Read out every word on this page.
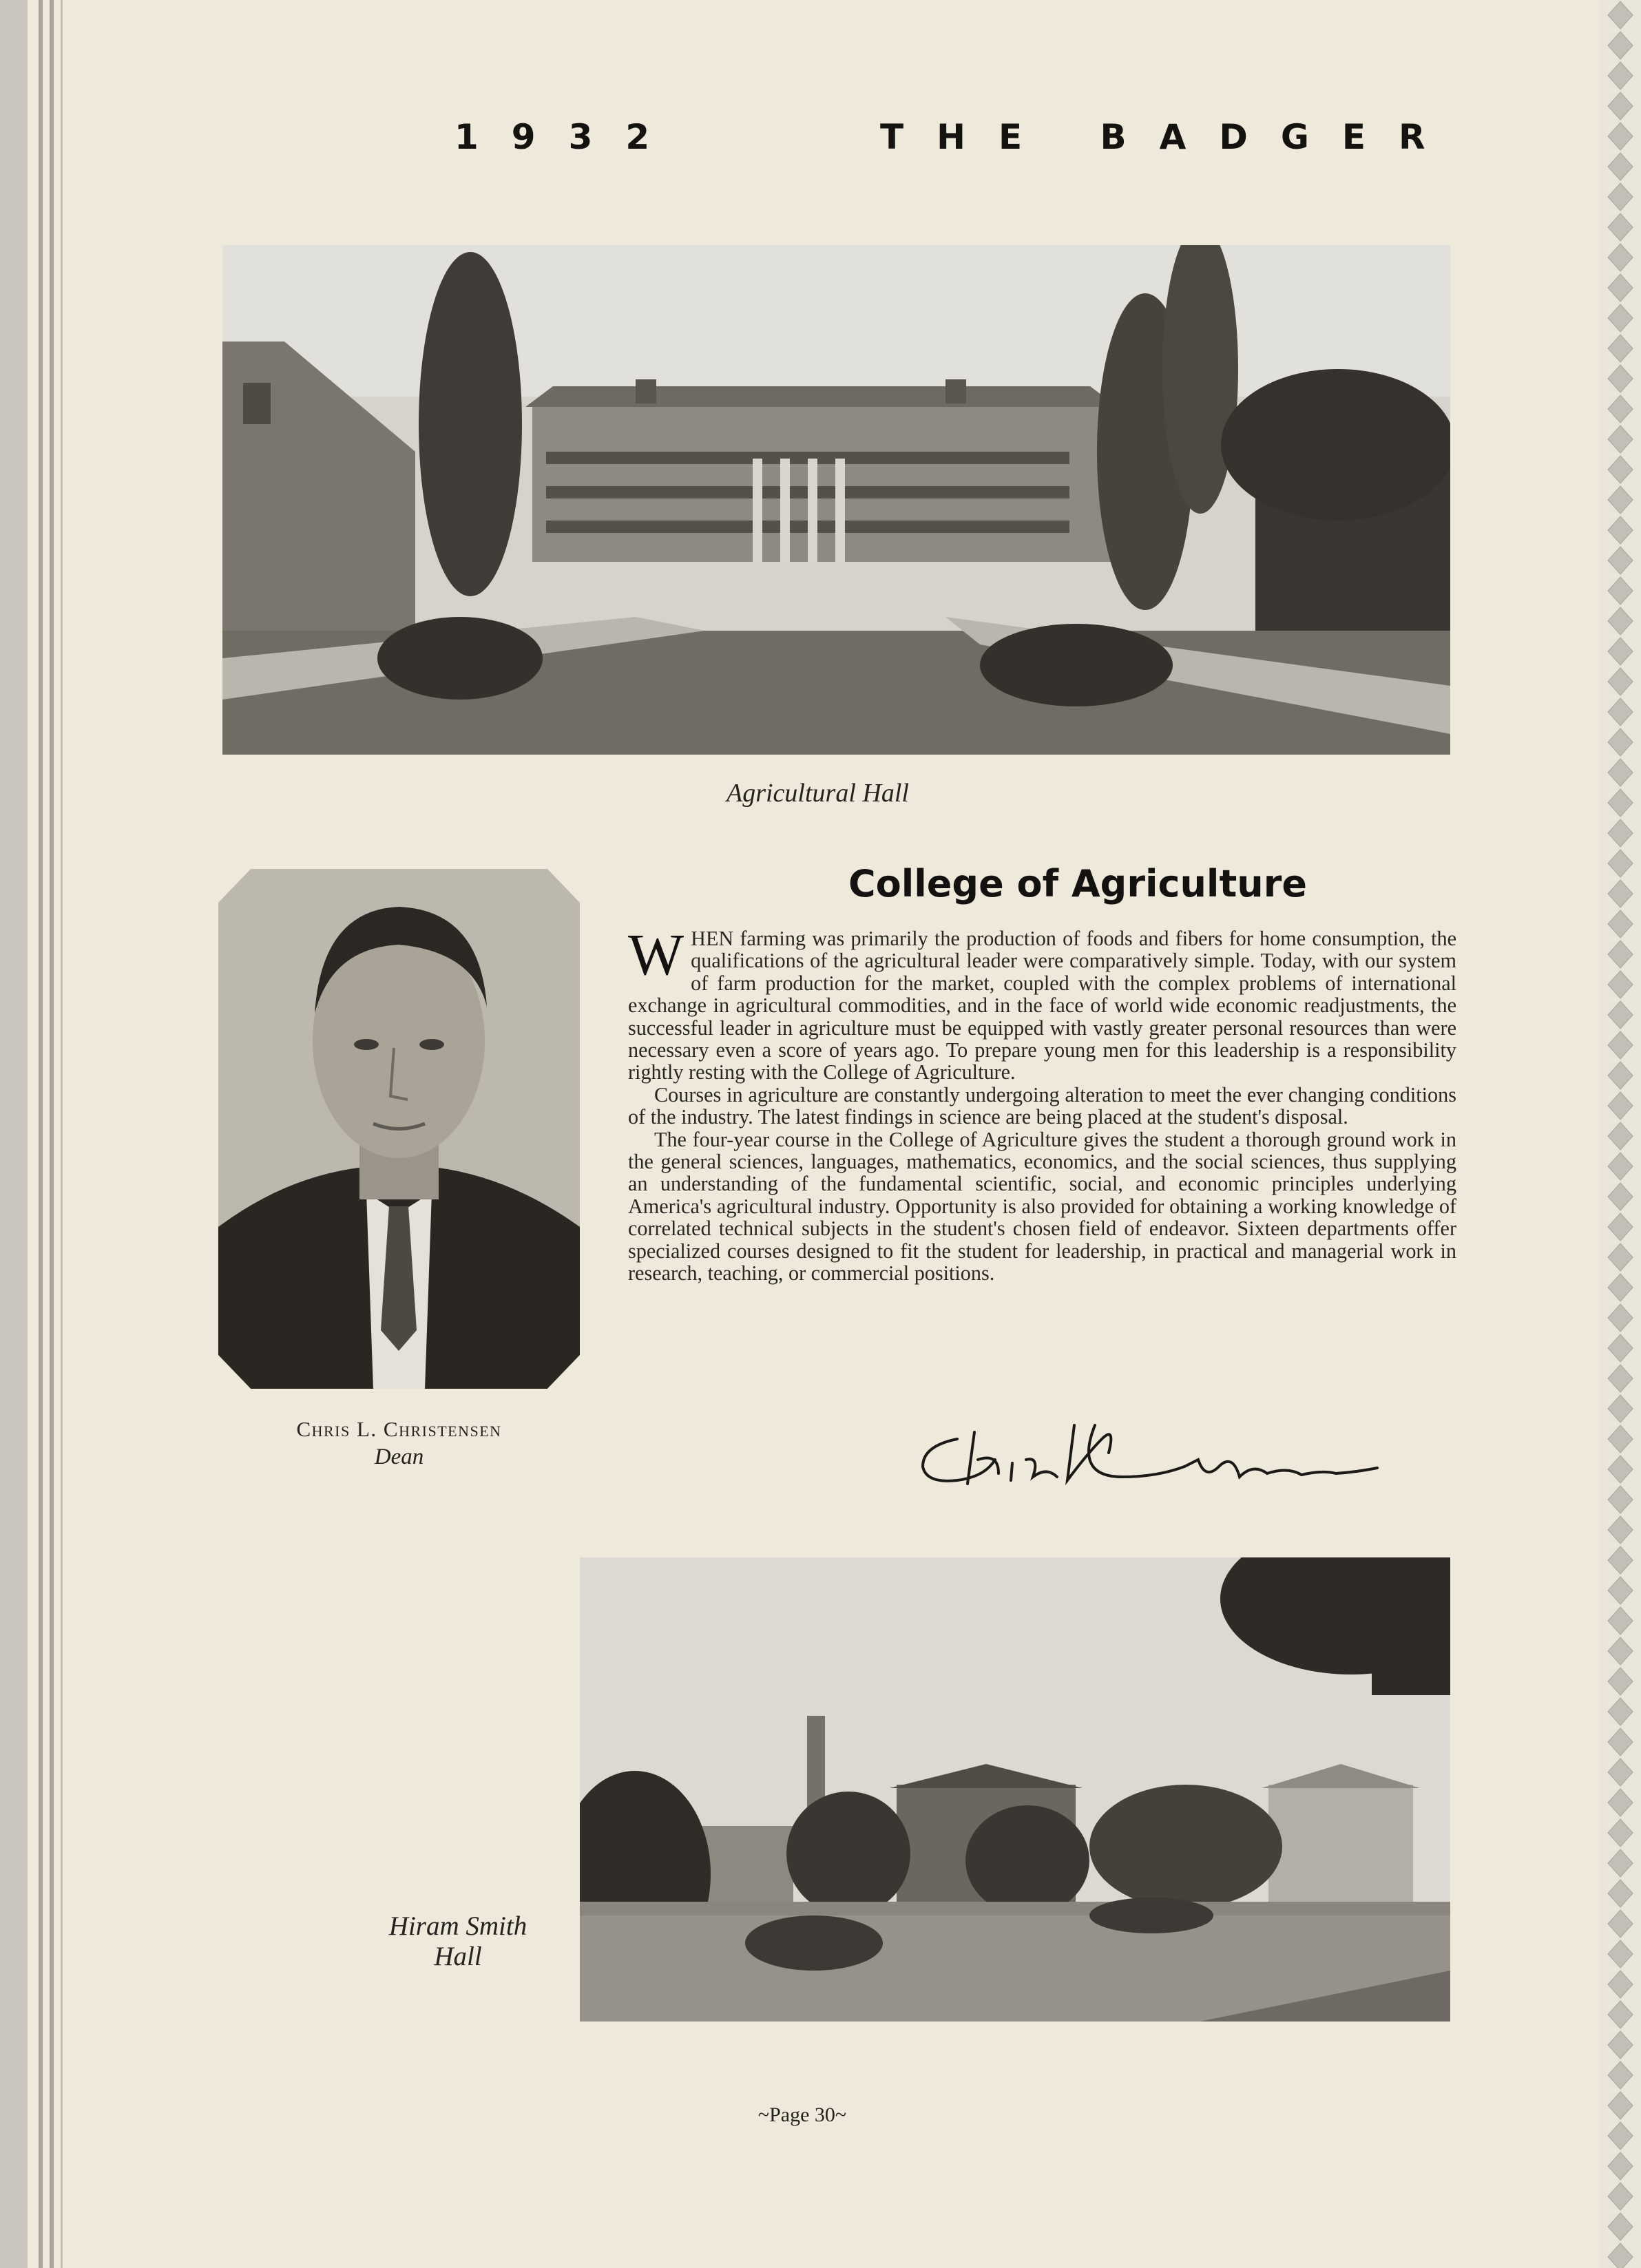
1932	THE BADGER
Agricultural Hall
Chris L. Christensen
Dean
College of Agriculture

WHEN farming was primarily the production of foods and fibers for home consumption, the qualifications of the agricultural leader were comparatively simple. Today, with our system of farm production for the market, coupled with the complex problems of international exchange in agricultural commodities, and in the face of world wide economic readjustments, the successful leader in agriculture must be equipped with vastly greater personal resources than were necessary even a score of years ago. To prepare young men for this leadership is a responsibility rightly resting with the College of Agriculture.

Courses in agriculture are constantly undergoing alteration to meet the ever changing conditions of the industry. The latest findings in science are being placed at the student's disposal.

The four-year course in the College of Agriculture gives the student a thorough ground work in the general sciences, languages, mathematics, economics, and the social sciences, thus supplying an understanding of the fundamental scientific, social, and economic principles underlying America's agricultural industry. Opportunity is also provided for obtaining a working knowledge of correlated technical subjects in the student's chosen field of endeavor. Sixteen departments offer specialized courses designed to fit the student for leadership, in practical and managerial work in research, teaching, or commercial positions.

Hiram Smith
Hall
~Page 30~
